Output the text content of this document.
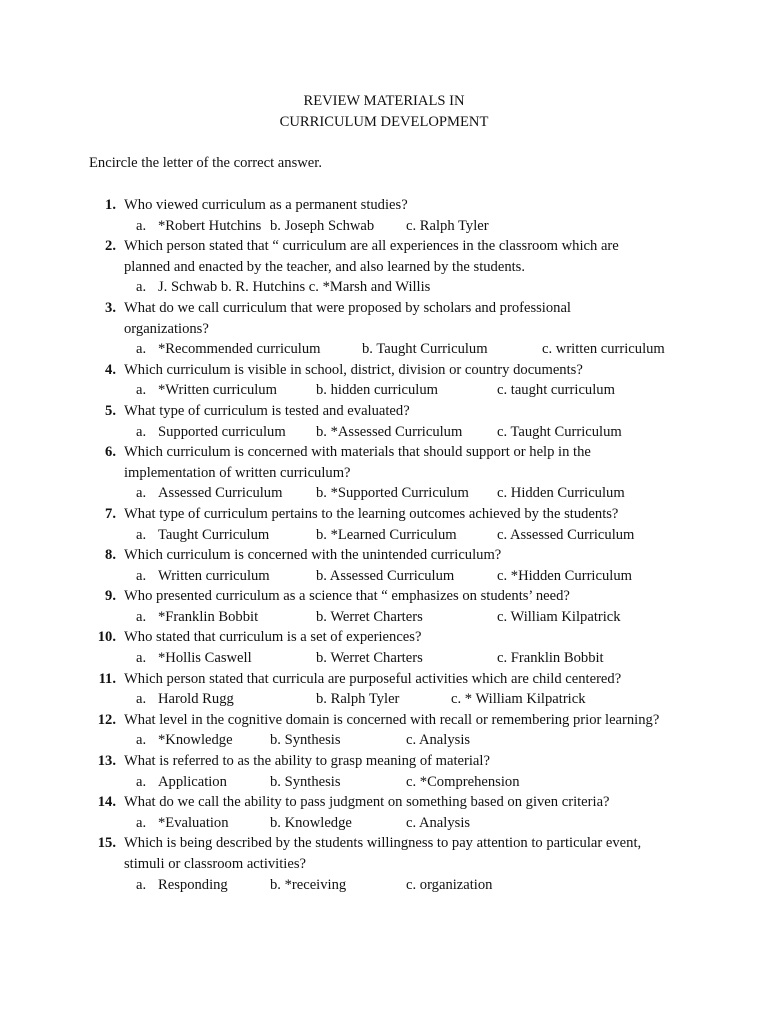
REVIEW MATERIALS IN
CURRICULUM DEVELOPMENT
Encircle the letter of the correct answer.
1. Who viewed curriculum as a permanent studies?
a. *Robert Hutchins b. Joseph Schwab c. Ralph Tyler
2. Which person stated that “ curriculum are all experiences in the classroom which are
planned and enacted by the teacher, and also learned by the students.
a. J. Schwab b. R. Hutchins c. *Marsh and Willis
3. What do we call curriculum that were proposed by scholars and professional
organizations?
a. *Recommended curriculum	b. Taught Curriculum	c. written curriculum
4. Which curriculum is visible in school, district, division or country documents?
a. *Written curriculum	b. hidden curriculum	c. taught curriculum
5. What type of curriculum is tested and evaluated?
a. Supported curriculum b. *Assessed Curriculum c. Taught Curriculum
6. Which curriculum is concerned with materials that should support or help in the
implementation of written curriculum?
a. Assessed Curriculum b. *Supported Curriculum c. Hidden Curriculum
7. What type of curriculum pertains to the learning outcomes achieved by the students?
a. Taught Curriculum	b. *Learned Curriculum	c. Assessed Curriculum
8. Which curriculum is concerned with the unintended curriculum?
a. Written curriculum	b. Assessed Curriculum	c. *Hidden Curriculum
9. Who presented curriculum as a science that “ emphasizes on students’ need?
a. *Franklin Bobbit	b. Werret Charters	c. William Kilpatrick
10. Who stated that curriculum is a set of experiences?
a. *Hollis Caswell	b. Werret Charters	c. Franklin Bobbit
11. Which person stated that curricula are purposeful activities which are child centered?
a. Harold Rugg	b. Ralph Tyler	c. * William Kilpatrick
12. What level in the cognitive domain is concerned with recall or remembering prior learning?
a. *Knowledge	b. Synthesis	c. Analysis
13. What is referred to as the ability to grasp meaning of material?
a. Application	b. Synthesis	c. *Comprehension
14. What do we call the ability to pass judgment on something based on given criteria?
a. *Evaluation	b. Knowledge	c. Analysis
15. Which is being described by the students willingness to pay attention to particular event,
stimuli or classroom activities?
a. Responding	b. *receiving	c. organization
